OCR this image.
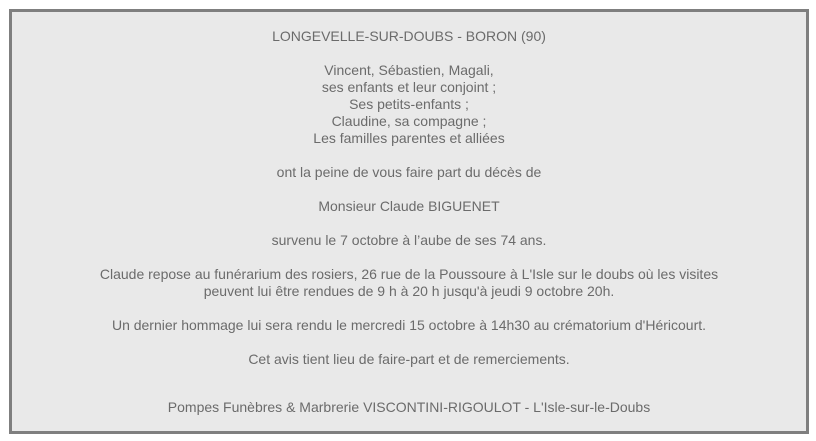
LONGEVELLE-SUR-DOUBS - BORON (90)

Vincent, Sébastien, Magali,
ses enfants et leur conjoint ;
Ses petits-enfants ;
Claudine, sa compagne ;
Les familles parentes et alliées

ont la peine de vous faire part du décès de

Monsieur Claude BIGUENET

survenu le 7 octobre à l’aube de ses 74 ans.

Claude repose au funérarium des rosiers, 26 rue de la Poussoure à L'Isle sur le doubs où les visites
peuvent lui être rendues de 9 h à 20 h jusqu'à jeudi 9 octobre 20h.

Un dernier hommage lui sera rendu le mercredi 15 octobre à 14h30 au crématorium d'Héricourt.

Cet avis tient lieu de faire-part et de remerciements.

Pompes Funèbres & Marbrerie VISCONTINI-RIGOULOT - L'Isle-sur-le-Doubs
